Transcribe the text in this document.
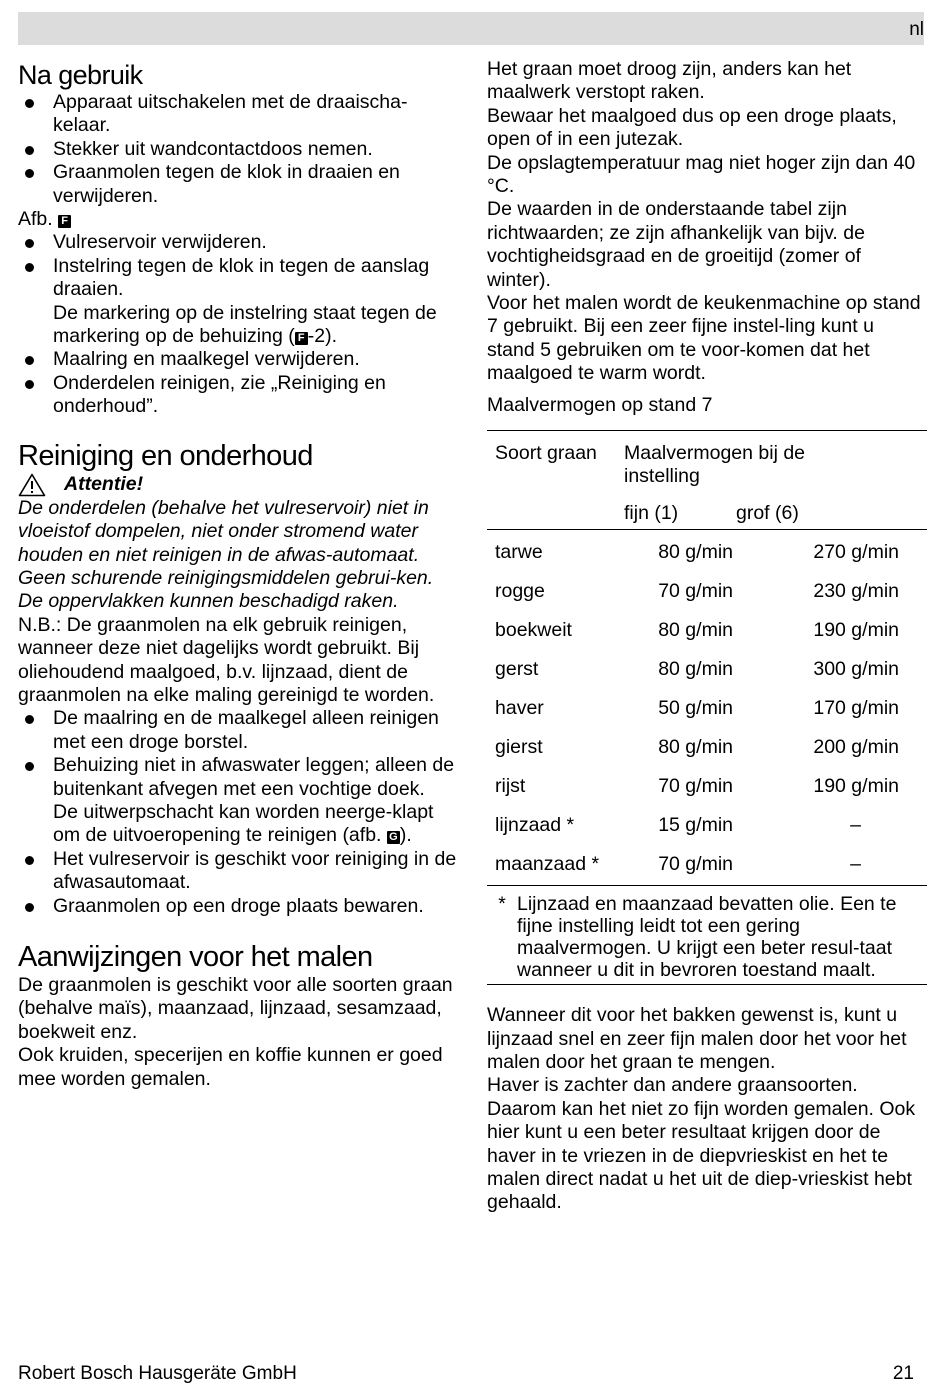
nl
Na gebruik
Apparaat uitschakelen met de draaischa-kelaar.
Stekker uit wandcontactdoos nemen.
Graanmolen tegen de klok in draaien en verwijderen.

Afb. F

Vulreservoir verwijderen.
Instelring tegen de klok in tegen de aanslag draaien.

De markering op de instelring staat tegen de markering op de behuizing ( F -2).

Maalring en maalkegel verwijderen.
Onderdelen reinigen, zie „Reiniging en onderhoud”.
Reiniging en onderhoud
Attentie!

De onderdelen (behalve het vulreservoir) niet in vloeistof dompelen, niet onder stromend water houden en niet reinigen in de afwas-automaat.

Geen schurende reinigingsmiddelen gebrui-ken. De oppervlakken kunnen beschadigd raken.

N.B.: De graanmolen na elk gebruik reinigen, wanneer deze niet dagelijks wordt gebruikt. Bij oliehoudend maalgoed, b.v. lijnzaad, dient de graanmolen na elke maling gereinigd te worden.

De maalring en de maalkegel alleen reinigen met een droge borstel.
Behuizing niet in afwaswater leggen; alleen de buitenkant afvegen met een vochtige doek.

De uitwerpschacht kan worden neerge-klapt om de uitvoeropening te reinigen (afb. G ).

Het vulreservoir is geschikt voor reiniging in de afwasautomaat.
Graanmolen op een droge plaats bewaren.
Aanwijzingen voor het malen

De graanmolen is geschikt voor alle soorten graan (behalve maïs), maanzaad, lijnzaad, sesamzaad, boekweit enz.

Ook kruiden, specerijen en koffie kunnen er goed mee worden gemalen.

Het graan moet droog zijn, anders kan het maalwerk verstopt raken.

Bewaar het maalgoed dus op een droge plaats, open of in een jutezak.

De opslagtemperatuur mag niet hoger zijn dan 40 °C.

De waarden in de onderstaande tabel zijn richtwaarden; ze zijn afhankelijk van bijv. de vochtigheidsgraad en de groeitijd (zomer of winter).

Voor het malen wordt de keukenmachine op stand 7 gebruikt. Bij een zeer fijne instel-ling kunt u stand 5 gebruiken om te voor-komen dat het maalgoed te warm wordt.

Maalvermogen op stand 7

Soort graan	Maalvermogen bij de instelling	

	fijn (1)	grof (6)
tarwe	80 g/min	270 g/min
rogge	70 g/min	230 g/min
boekweit	80 g/min	190 g/min
gerst	80 g/min	300 g/min
haver	50 g/min	170 g/min
gierst	80 g/min	200 g/min
rijst	70 g/min	190 g/min
lijnzaad *	15 g/min	–
maanzaad *	70 g/min	–

* Lijnzaad en maanzaad bevatten olie. Een te fijne instelling leidt tot een gering maalvermogen. U krijgt een beter resul-taat wanneer u dit in bevroren toestand maalt.		

Wanneer dit voor het bakken gewenst is, kunt u lijnzaad snel en zeer fijn malen door het voor het malen door het graan te mengen.

Haver is zachter dan andere graansoorten. Daarom kan het niet zo fijn worden gemalen. Ook hier kunt u een beter resultaat krijgen door de haver in te vriezen in de diepvrieskist en het te malen direct nadat u het uit de diep-vrieskist hebt gehaald.

Robert Bosch Hausgeräte GmbH	21
